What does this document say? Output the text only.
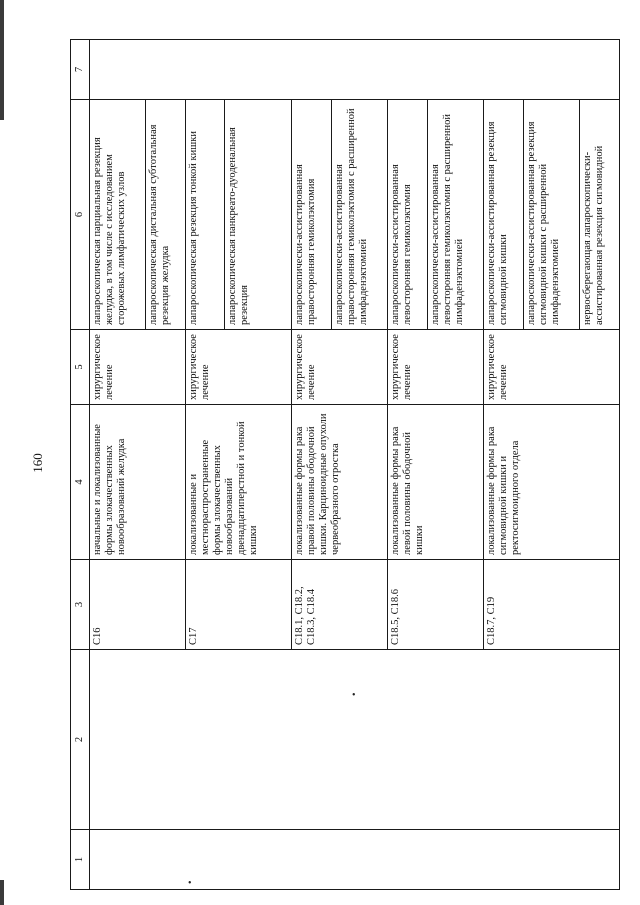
160
1	2	3	4	5	6	7
		C16	начальные и локализованные формы злокачественных новообразований желудка	хирургическое лечение	лапароскопическая парциальная резекция желудка, в том числе с исследованием сторожевых лимфатических узлов	
					лапароскопическая дистальная субтотальная резекция желудка	
		C17	локализованные и местнораспространенные формы злокачественных новообразований двенадцатиперстной и тонкой кишки	хирургическое лечение	лапароскопическая резекция тонкой кишки	
					лапароскопическая панкреато-дуоденальная резекция	
		C18.1, C18.2, C18.3, C18.4	локализованные формы рака правой половины ободочной кишки. Карциноидные опухоли червеобразного отростка	хирургическое лечение	лапароскопически-ассистированная правосторонняя гемиколэктомия	
					лапароскопически-ассистированная правосторонняя гемиколэктомия с расширенной лимфаденэктомией	
		C18.5, C18.6	локализованные формы рака левой половины ободочной кишки	хирургическое лечение	лапароскопически-ассистированная левосторонняя гемиколэктомия	
					лапароскопически-ассистированная левосторонняя гемиколэктомия с расширенной лимфаденэктомией	
		C18.7, C19	локализованные формы рака сигмовидной кишки и ректосигмоидного отдела	хирургическое лечение	лапароскопически-ассистированная резекция сигмовидной кишки	
					лапароскопически-ассистированная резекция сигмовидной кишки с расширенной лимфаденэктомией	
					нервосберегающая лапароскопически-ассистированная резекция сигмовидной	
•
•
